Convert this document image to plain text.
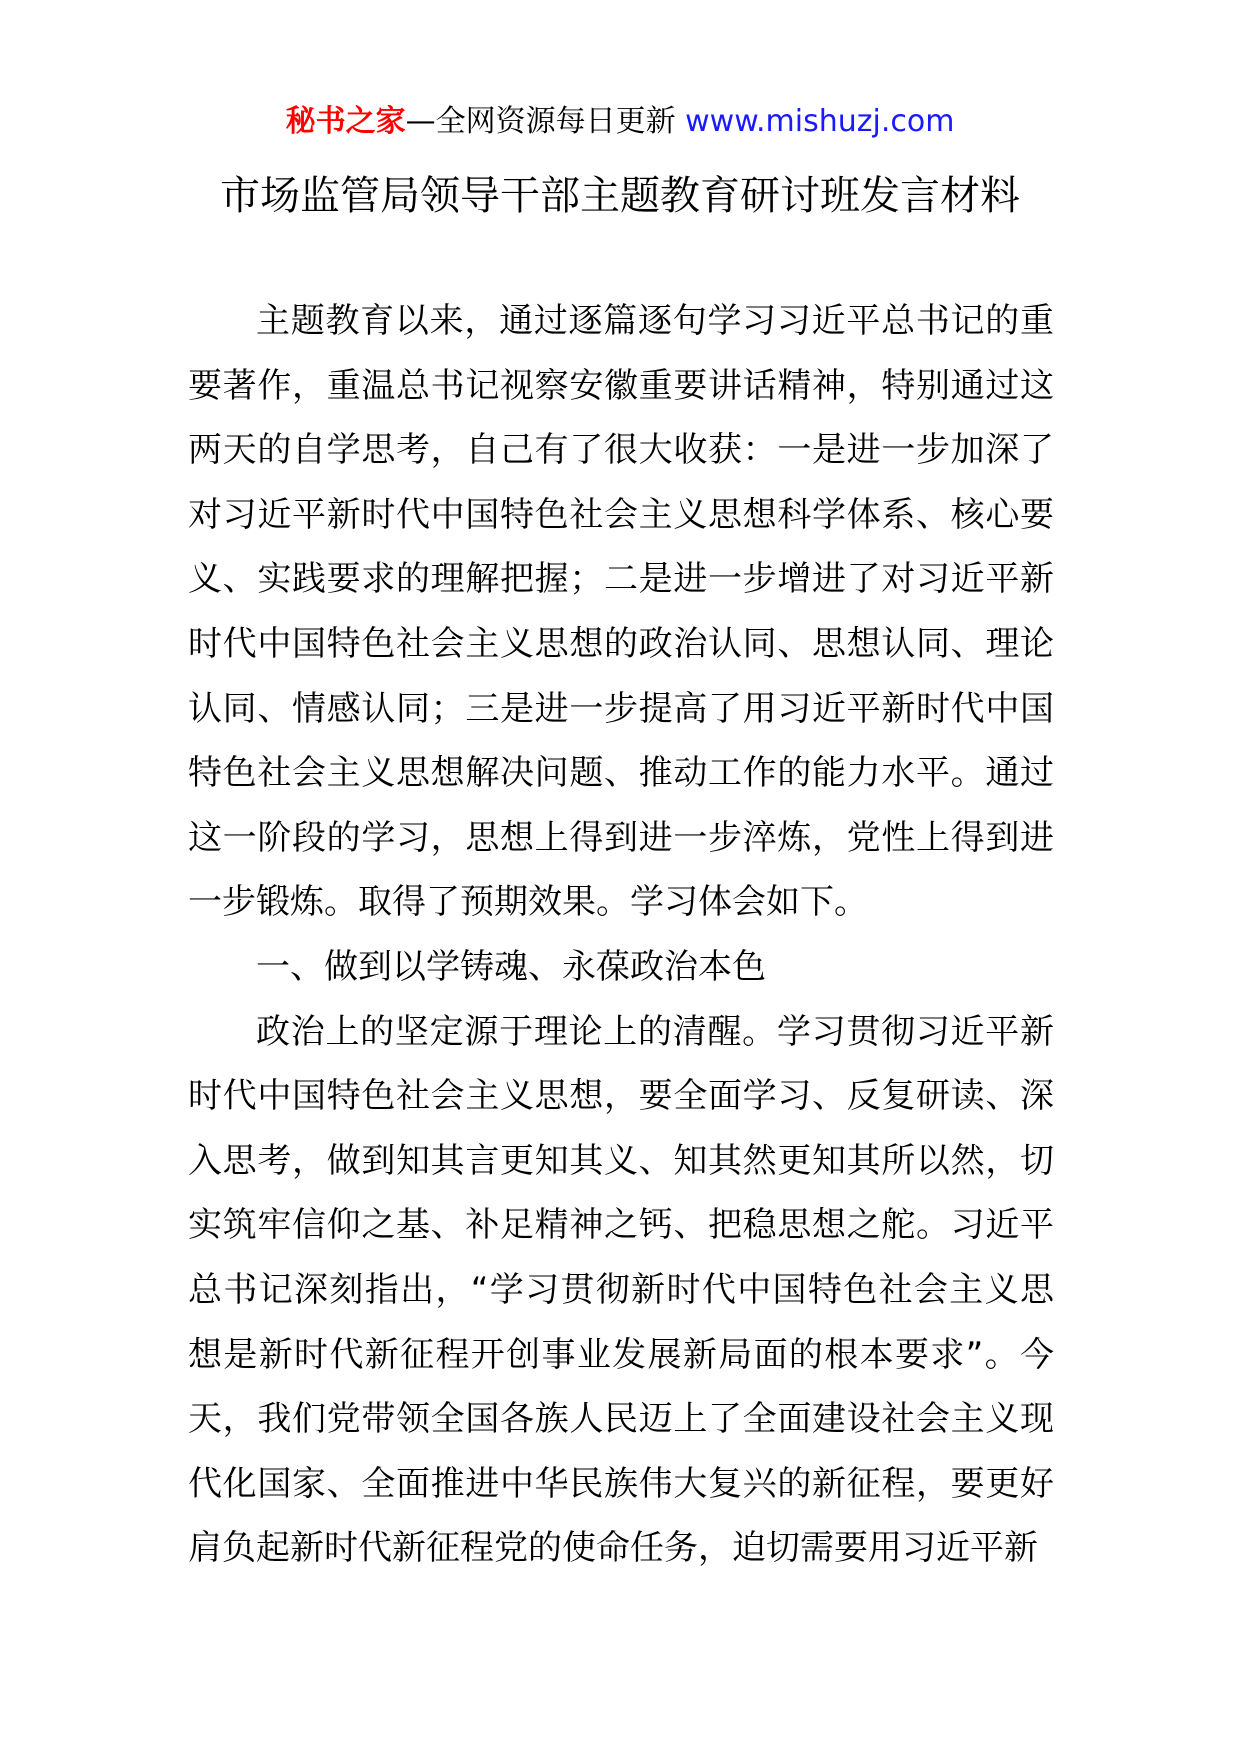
秘书之家—全网资源每日更新 www.mishuzj.com
市场监管局领导干部主题教育研讨班发言材料

主题教育以来，通过逐篇逐句学习习近平总书记的重要著作，重温总书记视察安徽重要讲话精神，特别通过这两天的自学思考，自己有了很大收获：一是进一步加深了对习近平新时代中国特色社会主义思想科学体系、核心要义、实践要求的理解把握；二是进一步增进了对习近平新时代中国特色社会主义思想的政治认同、思想认同、理论认同、情感认同；三是进一步提高了用习近平新时代中国特色社会主义思想解决问题、推动工作的能力水平。通过这一阶段的学习，思想上得到进一步淬炼，党性上得到进一步锻炼。取得了预期效果。学习体会如下。

一、做到以学铸魂、永葆政治本色

政治上的坚定源于理论上的清醒。学习贯彻习近平新时代中国特色社会主义思想，要全面学习、反复研读、深入思考，做到知其言更知其义、知其然更知其所以然，切实筑牢信仰之基、补足精神之钙、把稳思想之舵。习近平总书记深刻指出，“学习贯彻新时代中国特色社会主义思想是新时代新征程开创事业发展新局面的根本要求”。今天，我们党带领全国各族人民迈上了全面建设社会主义现代化国家、全面推进中华民族伟大复兴的新征程，要更好肩负起新时代新征程党的使命任务，迫切需要用习近平新
